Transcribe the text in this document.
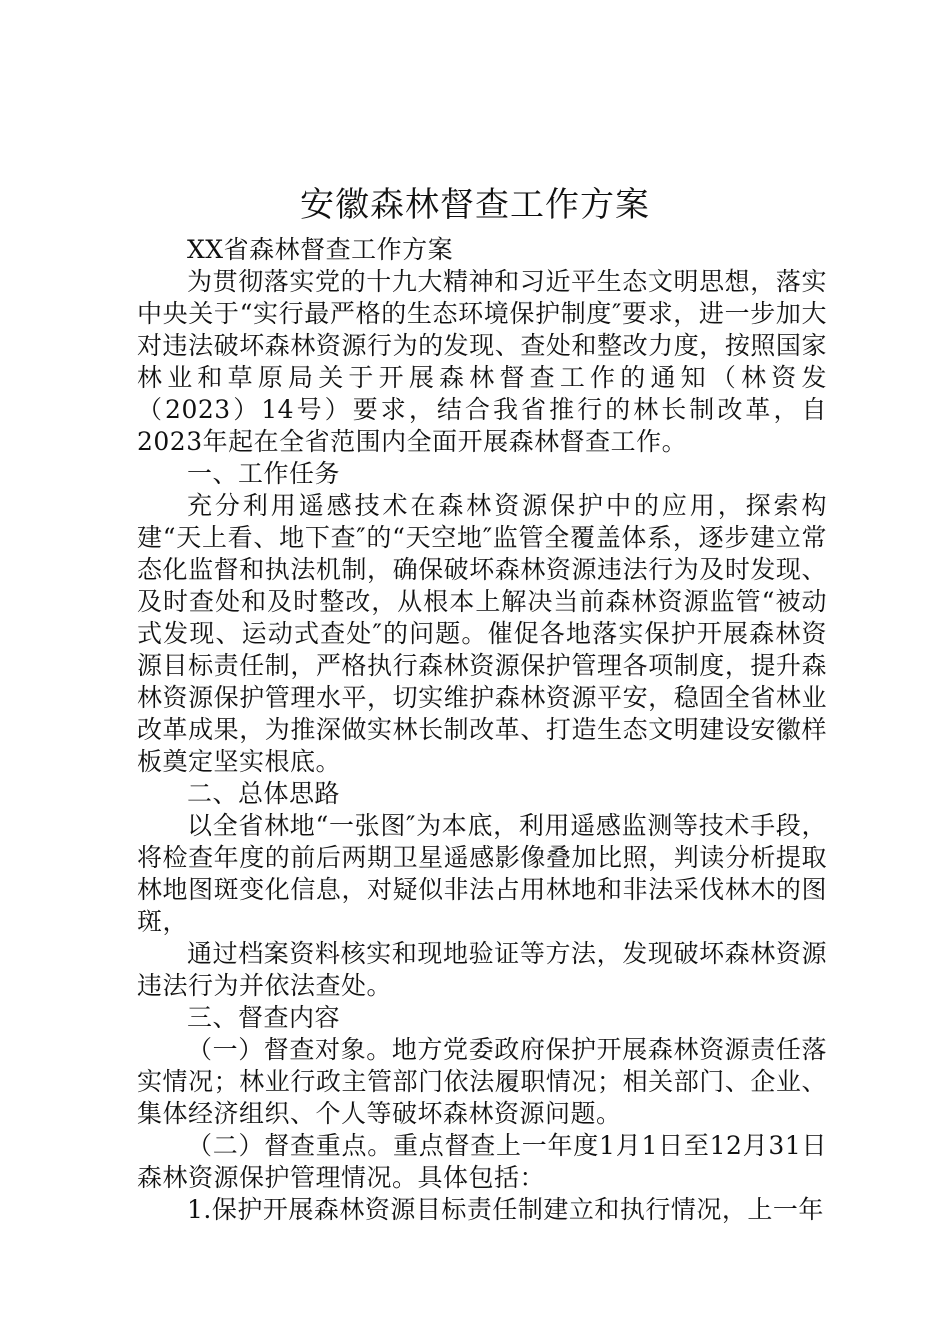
安徽森林督查工作方案

XX省森林督查工作方案

为贯彻落实党的十九大精神和习近平生态文明思想，落实中央关于“实行最严格的生态环境保护制度″要求，进一步加大对违法破坏森林资源行为的发现、查处和整改力度，按照国家林业和草原局关于开展森林督查工作的通知（林资发（2023）14号）要求，结合我省推行的林长制改革，自2023年起在全省范围内全面开展森林督查工作。

一、工作任务

充分利用遥感技术在森林资源保护中的应用，探索构建“天上看、地下查″的“天空地″监管全覆盖体系，逐步建立常态化监督和执法机制，确保破坏森林资源违法行为及时发现、及时查处和及时整改，从根本上解决当前森林资源监管“被动式发现、运动式查处″的问题。催促各地落实保护开展森林资源目标责任制，严格执行森林资源保护管理各项制度，提升森林资源保护管理水平，切实维护森林资源平安，稳固全省林业改革成果，为推深做实林长制改革、打造生态文明建设安徽样板奠定坚实根底。

二、总体思路

以全省林地“一张图″为本底，利用遥感监测等技术手段，将检查年度的前后两期卫星遥感影像叠加比照，判读分析提取林地图斑变化信息，对疑似非法占用林地和非法采伐林木的图斑，

通过档案资料核实和现地验证等方法，发现破坏森林资源违法行为并依法查处。

三、督查内容

（一）督查对象。地方党委政府保护开展森林资源责任落实情况；林业行政主管部门依法履职情况；相关部门、企业、集体经济组织、个人等破坏森林资源问题。

（二）督查重点。重点督查上一年度1月1日至12月31日森林资源保护管理情况。具体包括：

1.保护开展森林资源目标责任制建立和执行情况，上一年
